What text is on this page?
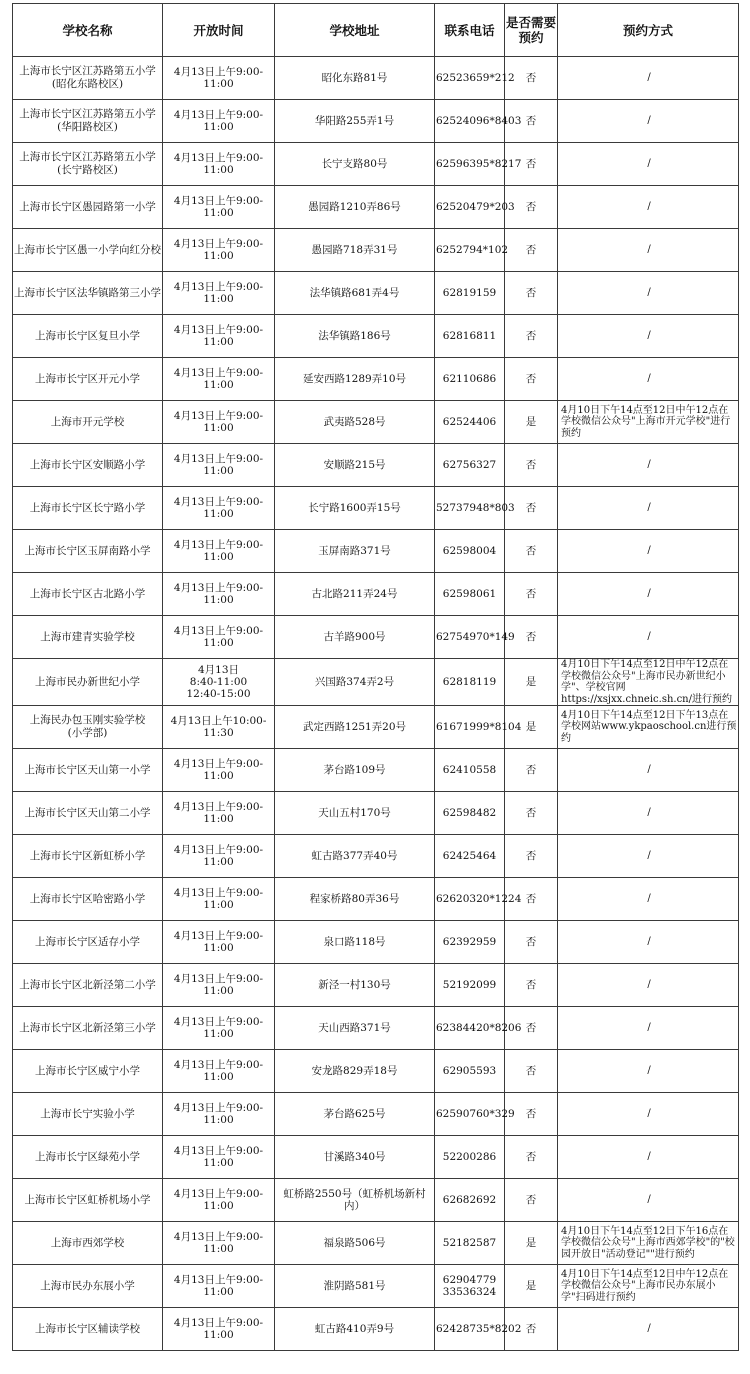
学校名称	开放时间	学校地址	联系电话	是否需要 预约	预约方式
上海市长宁区江苏路第五小学
(昭化东路校区)	4月13日上午9:00-11:00	昭化东路81号	62523659*212	否	/
上海市长宁区江苏路第五小学
(华阳路校区)	4月13日上午9:00-11:00	华阳路255弄1号	62524096*8403	否	/
上海市长宁区江苏路第五小学
(长宁路校区)	4月13日上午9:00-11:00	长宁支路80号	62596395*8217	否	/
上海市长宁区愚园路第一小学	4月13日上午9:00-11:00	愚园路1210弄86号	62520479*203	否	/
上海市长宁区愚一小学向红分校	4月13日上午9:00-11:00	愚园路718弄31号	6252794*102	否	/
上海市长宁区法华镇路第三小学	4月13日上午9:00-11:00	法华镇路681弄4号	62819159	否	/
上海市长宁区复旦小学	4月13日上午9:00-11:00	法华镇路186号	62816811	否	/
上海市长宁区开元小学	4月13日上午9:00-11:00	延安西路1289弄10号	62110686	否	/
上海市开元学校	4月13日上午9:00-11:00	武夷路528号	62524406	是	4月10日下午14点至12日中午12点在学校微信公众号"上海市开元学校"进行预约
上海市长宁区安顺路小学	4月13日上午9:00-11:00	安顺路215号	62756327	否	/
上海市长宁区长宁路小学	4月13日上午9:00-11:00	长宁路1600弄15号	52737948*803	否	/
上海市长宁区玉屏南路小学	4月13日上午9:00-11:00	玉屏南路371号	62598004	否	/
上海市长宁区古北路小学	4月13日上午9:00-11:00	古北路211弄24号	62598061	否	/
上海市建青实验学校	4月13日上午9:00-11:00	古羊路900号	62754970*149	否	/
上海市民办新世纪小学	4月13日
8:40-11:00
12:40-15:00	兴国路374弄2号	62818119	是	4月10日下午14点至12日中午12点在学校微信公众号"上海市民办新世纪小学"、学校官网https://xsjxx.chneic.sh.cn/进行预约
上海民办包玉刚实验学校
(小学部)	4月13日上午10:00-11:30	武定西路1251弄20号	61671999*8104	是	4月10日下午14点至12日下午13点在学校网站www.ykpaoschool.cn进行预约
上海市长宁区天山第一小学	4月13日上午9:00-11:00	茅台路109号	62410558	否	/
上海市长宁区天山第二小学	4月13日上午9:00-11:00	天山五村170号	62598482	否	/
上海市长宁区新虹桥小学	4月13日上午9:00-11:00	虹古路377弄40号	62425464	否	/
上海市长宁区哈密路小学	4月13日上午9:00-11:00	程家桥路80弄36号	62620320*1224	否	/
上海市长宁区适存小学	4月13日上午9:00-11:00	泉口路118号	62392959	否	/
上海市长宁区北新泾第二小学	4月13日上午9:00-11:00	新泾一村130号	52192099	否	/
上海市长宁区北新泾第三小学	4月13日上午9:00-11:00	天山西路371号	62384420*8206	否	/
上海市长宁区威宁小学	4月13日上午9:00-11:00	安龙路829弄18号	62905593	否	/
上海市长宁实验小学	4月13日上午9:00-11:00	茅台路625号	62590760*329	否	/
上海市长宁区绿苑小学	4月13日上午9:00-11:00	甘溪路340号	52200286	否	/
上海市长宁区虹桥机场小学	4月13日上午9:00-11:00	虹桥路2550号（虹桥机场新村内）	62682692	否	/
上海市西郊学校	4月13日上午9:00-11:00	福泉路506号	52182587	是	4月10日下午14点至12日下午16点在学校微信公众号"上海市西郊学校"的"校园开放日"活动登记""进行预约
上海市民办东展小学	4月13日上午9:00-11:00	淮阴路581号	62904779
33536324	是	4月10日下午14点至12日中午12点在学校微信公众号"上海市民办东展小学"扫码进行预约
上海市长宁区辅读学校	4月13日上午9:00-11:00	虹古路410弄9号	62428735*8202	否	/
